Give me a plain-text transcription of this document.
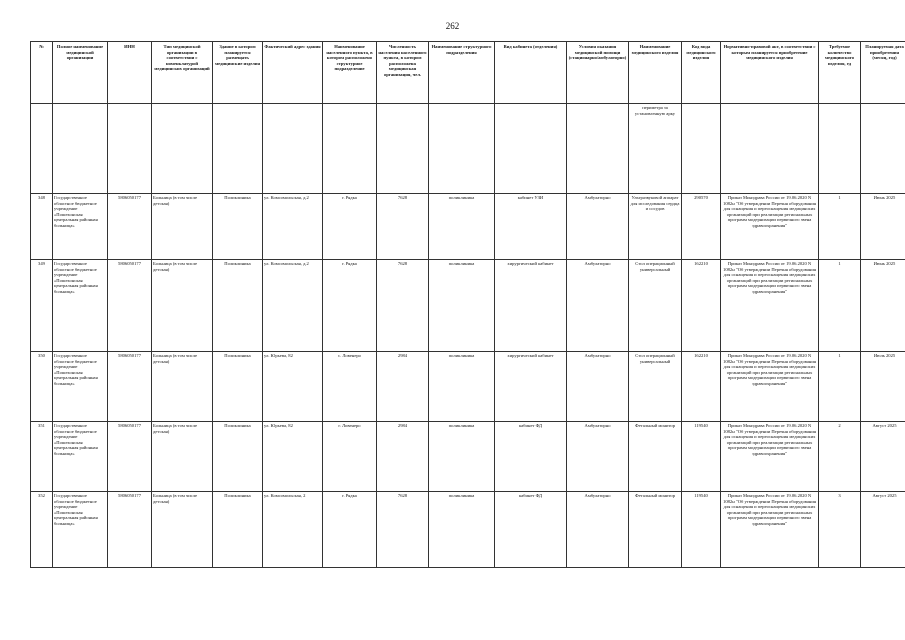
262
№	Полное наименование медицинской организации	ИНН	Тип медицинской организации в соответствии с номенклатурой медицинских организаций	Здание в котором планируется размещать медицинские изделия	Фактический адрес здания	Наименование населенного пункта, в котором расположено структурное подразделение	Численность населения населенного пункта, в котором расположена медицинская организация, чел.	Наименование структурного подразделения	Вид кабинета (отделения)	Условия оказания медицинской помощи (стационарно/амбулаторно)	Наименование медицинского изделия	Код вида медицинского изделия	Нормативно-правовой акт, в соответствии с которым планируется приобретение медицинского изделия	Требуемое количество медицинского изделия, ед	Планируемая дата приобретения (месяц, год)
											периметра за установленную арку				
348	Государственное областное бюджетное учреждение «Пошехонская центральная районная больница»	5806050177	Больница (в том числе детская)	Поликлиника	ул. Комсомольская, д.2	г. Рядка	7628	поликлиника	кабинет УЗИ	Амбулаторно	Ультразвуковой аппарат для исследования сердца и сосудов	290570	Приказ Минздрава России от 19.06.2020 N 1082н "Об утверждении Перечня оборудования для оснащения и переоснащения медицинских организаций при реализации региональных программ модернизации первичного звена здравоохранения"	1	Июнь 2025
349	Государственное областное бюджетное учреждение «Пошехонская центральная районная больница»	5806050177	Больница (в том числе детская)	Поликлиника	ул. Комсомольская, д.2	г. Рядка	7628	поликлиника	хирургический кабинет	Амбулаторно	Стол операционный универсальный	162210	Приказ Минздрава России от 19.06.2020 N 1082н "Об утверждении Перечня оборудования для оснащения и переоснащения медицинских организаций при реализации региональных программ модернизации первичного звена здравоохранения"	1	Июнь 2025
350	Государственное областное бюджетное учреждение «Пошехонская центральная районная больница»	5806050177	Больница (в том числе детская)	Поликлиника	ул. Юрьева, 82	с. Ловенеро	2984	поликлиника	хирургический кабинет	Амбулаторно	Стол операционный универсальный	162210	Приказ Минздрава России от 19.06.2020 N 1082н "Об утверждении Перечня оборудования для оснащения и переоснащения медицинских организаций при реализации региональных программ модернизации первичного звена здравоохранения"	1	Июль 2025
351	Государственное областное бюджетное учреждение «Пошехонская центральная районная больница»	5806050177	Больница (в том числе детская)	Поликлиника	ул. Юрьева, 82	г. Ловенеро	2984	поликлиника	кабинет ФД	Амбулаторно	Фетальный монитор	119540	Приказ Минздрава России от 19.06.2020 N 1082н "Об утверждении Перечня оборудования для оснащения и переоснащения медицинских организаций при реализации региональных программ модернизации первичного звена здравоохранения"	2	Август 2025
352	Государственное областное бюджетное учреждение «Пошехонская центральная районная больница»	5806050177	Больница (в том числе детская)	Поликлиника	ул. Комсомольская, 2	г. Рядка	7628	поликлиника	кабинет ФД	Амбулаторно	Фетальный монитор	119540	Приказ Минздрава России от 19.06.2020 N 1082н "Об утверждении Перечня оборудования для оснащения и переоснащения медицинских организаций при реализации региональных программ модернизации первичного звена здравоохранения"	3	Август 2025
